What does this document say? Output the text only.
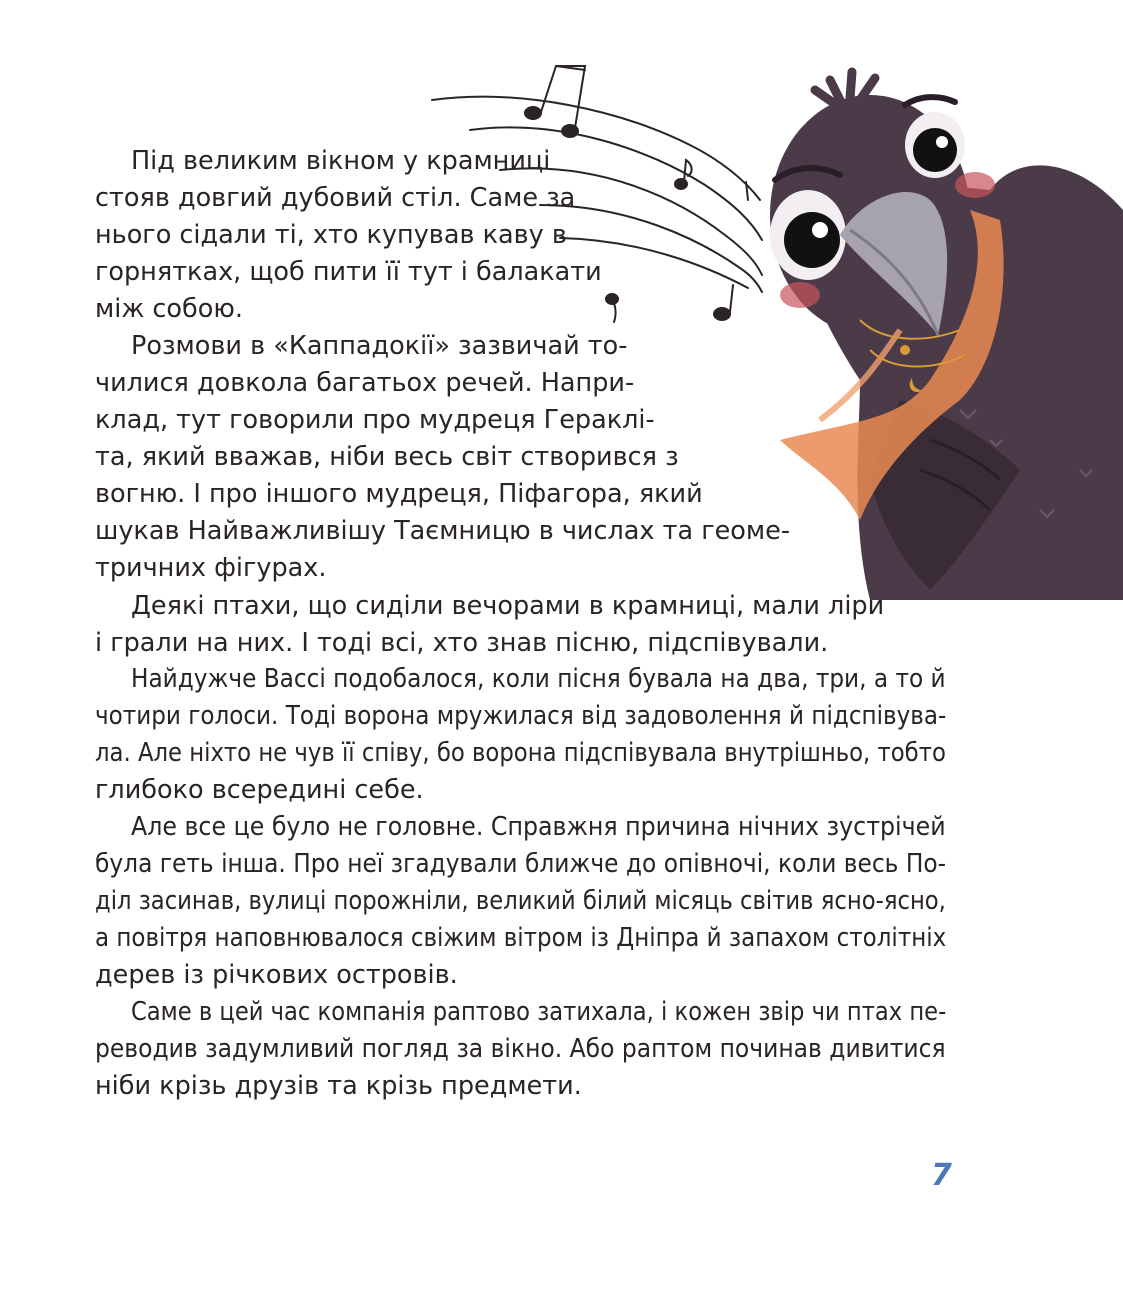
Під великим вікном у крамниці
стояв довгий дубовий стіл. Саме за
нього сідали ті, хто купував каву в
горнятках, щоб пити її тут і балакати
між собою.
Розмови в «Каппадокії» зазвичай то-
чилися довкола багатьох речей. Напри-
клад, тут говорили про мудреця Гераклі-
та, який вважав, ніби весь світ створився з
вогню. І про іншого мудреця, Піфагора, який
шукав Найважливішу Таємницю в числах та геоме-
тричних фігурах.
Деякі птахи, що сиділи вечорами в крамниці, мали ліри
і грали на них. І тоді всі, хто знав пісню, підспівували.
Найдужче Вассі подобалося, коли пісня бувала на два, три, а то й
чотири голоси. Тоді ворона мружилася від задоволення й підспівува-
ла. Але ніхто не чув її співу, бо ворона підспівувала внутрішньо, тобто
глибоко всередині себе.
Але все це було не головне. Справжня причина нічних зустрічей
була геть інша. Про неї згадували ближче до опівночі, коли весь По-
діл засинав, вулиці порожніли, великий білий місяць світив ясно-ясно,
а повітря наповнювалося свіжим вітром із Дніпра й запахом столітніх
дерев із річкових островів.
Саме в цей час компанія раптово затихала, і кожен звір чи птах пе-
реводив задумливий погляд за вікно. Або раптом починав дивитися
ніби крізь друзів та крізь предмети.
7
